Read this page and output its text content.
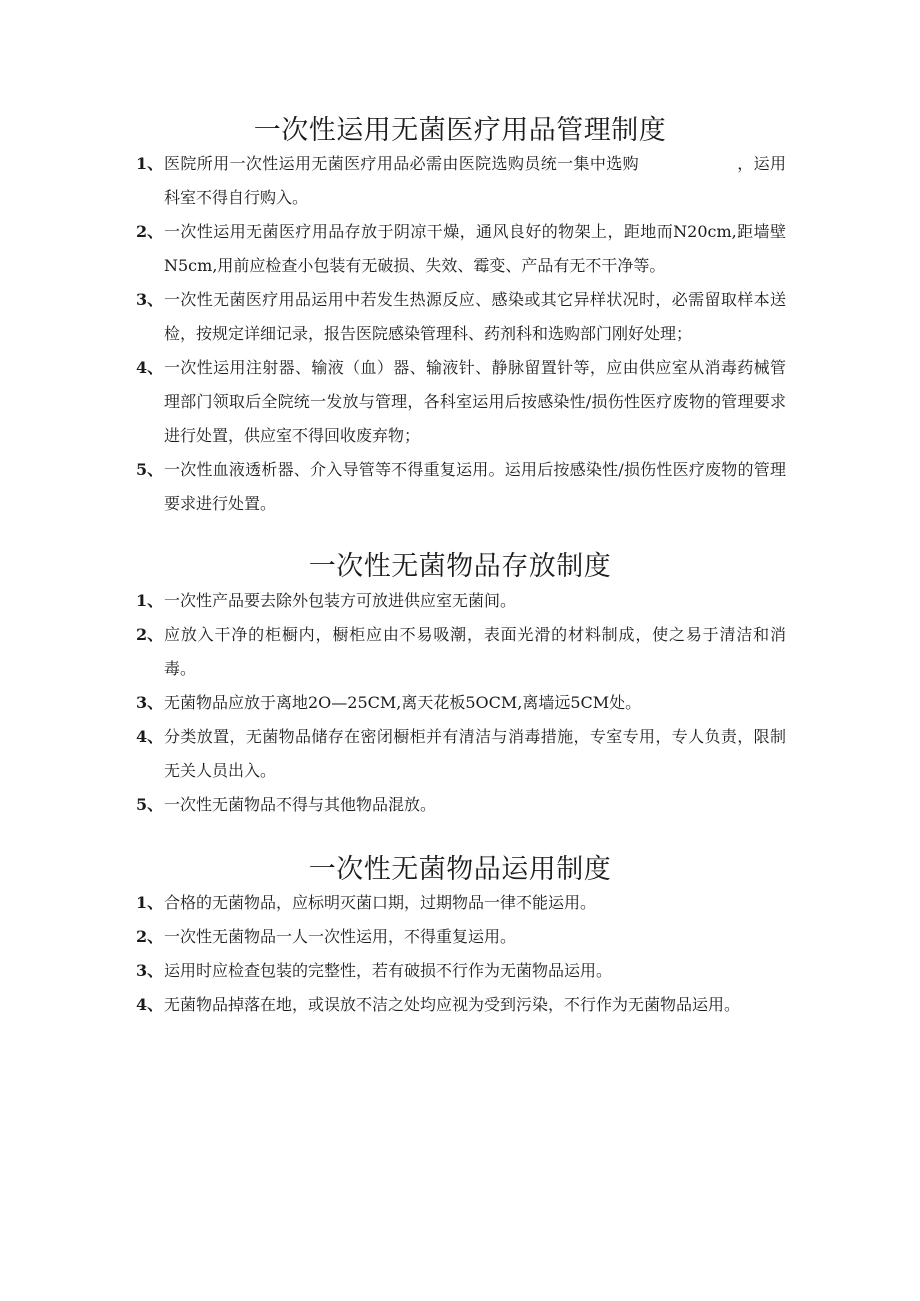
一次性运用无菌医疗用品管理制度
1、 医院所用一次性运用无菌医疗用品必需由医院选购员统一集中选购　　　　　　，运用科室不得自行购入。
2、 一次性运用无菌医疗用品存放于阴凉干燥，通风良好的物架上，距地而N20cm,距墙壁N5cm,用前应检查小包装有无破损、失效、霉变、产品有无不干净等。
3、 一次性无菌医疗用品运用中若发生热源反应、感染或其它异样状况时，必需留取样本送检，按规定详细记录，报告医院感染管理科、药剂科和选购部门刚好处理；
4、 一次性运用注射器、输液（血）器、输液针、静脉留置针等，应由供应室从消毒药械管理部门领取后全院统一发放与管理，各科室运用后按感染性/损伤性医疗废物的管理要求进行处置，供应室不得回收废弃物；
5、 一次性血液透析器、介入导管等不得重复运用。运用后按感染性/损伤性医疗废物的管理要求进行处置。
一次性无菌物品存放制度
1、 一次性产品要去除外包装方可放进供应室无菌间。
2、 应放入干净的柜橱内，橱柜应由不易吸潮，表面光滑的材料制成，使之易于清洁和消毒。
3、 无菌物品应放于离地2O—25CM,离天花板5OCM,离墙远5CM处。
4、 分类放置，无菌物品储存在密闭橱柜并有清洁与消毒措施，专室专用，专人负责，限制无关人员出入。
5、 一次性无菌物品不得与其他物品混放。
一次性无菌物品运用制度
1、 合格的无菌物品，应标明灭菌口期，过期物品一律不能运用。
2、 一次性无菌物品一人一次性运用，不得重复运用。
3、 运用时应检查包装的完整性，若有破损不行作为无菌物品运用。
4、 无菌物品掉落在地，或误放不洁之处均应视为受到污染，不行作为无菌物品运用。
